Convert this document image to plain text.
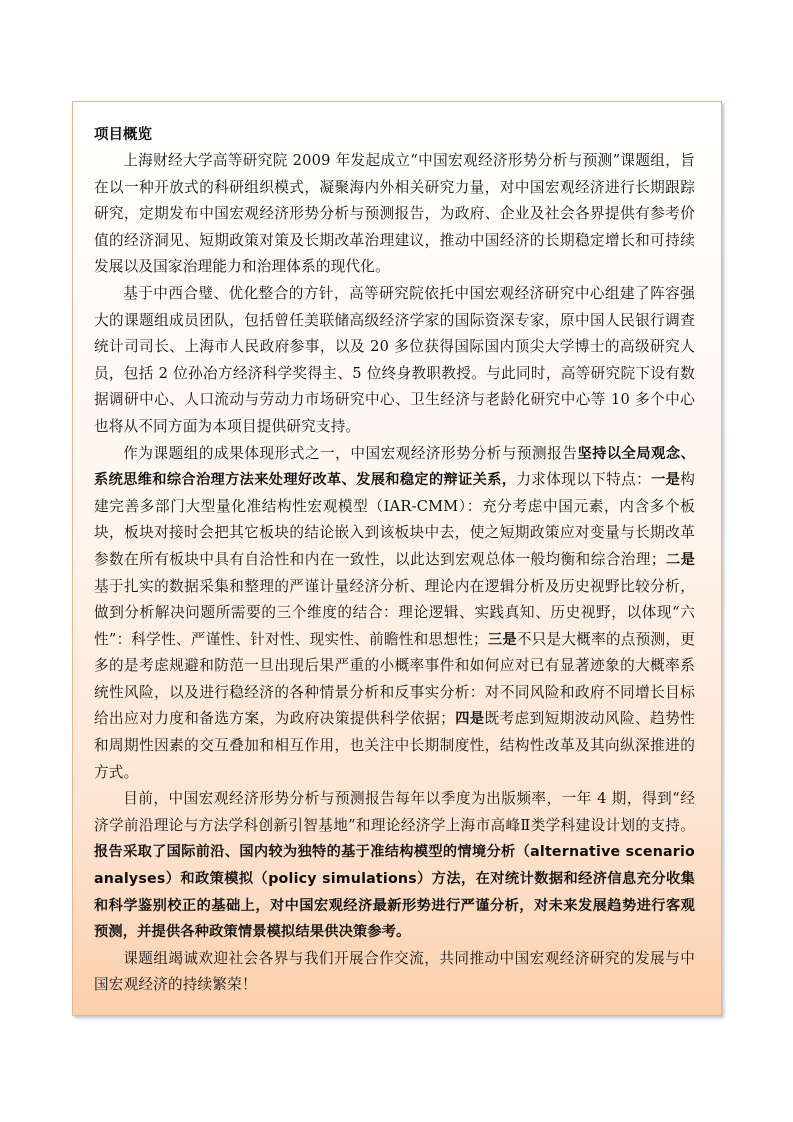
项目概览

上海财经大学高等研究院 2009 年发起成立“中国宏观经济形势分析与预测”课题组，旨在以一种开放式的科研组织模式，凝聚海内外相关研究力量，对中国宏观经济进行长期跟踪研究，定期发布中国宏观经济形势分析与预测报告，为政府、企业及社会各界提供有参考价值的经济洞见、短期政策对策及长期改革治理建议，推动中国经济的长期稳定增长和可持续发展以及国家治理能力和治理体系的现代化。

基于中西合璧、优化整合的方针，高等研究院依托中国宏观经济研究中心组建了阵容强大的课题组成员团队，包括曾任美联储高级经济学家的国际资深专家，原中国人民银行调查统计司司长、上海市人民政府参事，以及 20 多位获得国际国内顶尖大学博士的高级研究人员，包括 2 位孙冶方经济科学奖得主、5 位终身教职教授。与此同时，高等研究院下设有数据调研中心、人口流动与劳动力市场研究中心、卫生经济与老龄化研究中心等 10 多个中心也将从不同方面为本项目提供研究支持。

作为课题组的成果体现形式之一，中国宏观经济形势分析与预测报告坚持以全局观念、系统思维和综合治理方法来处理好改革、发展和稳定的辩证关系，力求体现以下特点：一是构建完善多部门大型量化准结构性宏观模型（IAR-CMM）：充分考虑中国元素，内含多个板块，板块对接时会把其它板块的结论嵌入到该板块中去，使之短期政策应对变量与长期改革参数在所有板块中具有自洽性和内在一致性，以此达到宏观总体一般均衡和综合治理；二是基于扎实的数据采集和整理的严谨计量经济分析、理论内在逻辑分析及历史视野比较分析，做到分析解决问题所需要的三个维度的结合：理论逻辑、实践真知、历史视野，以体现“六性”：科学性、严谨性、针对性、现实性、前瞻性和思想性；三是不只是大概率的点预测，更多的是考虑规避和防范一旦出现后果严重的小概率事件和如何应对已有显著迹象的大概率系统性风险，以及进行稳经济的各种情景分析和反事实分析：对不同风险和政府不同增长目标给出应对力度和备选方案，为政府决策提供科学依据；四是既考虑到短期波动风险、趋势性和周期性因素的交互叠加和相互作用，也关注中长期制度性，结构性改革及其向纵深推进的方式。

目前，中国宏观经济形势分析与预测报告每年以季度为出版频率，一年 4 期，得到“经济学前沿理论与方法学科创新引智基地”和理论经济学上海市高峰Ⅱ类学科建设计划的支持。报告采取了国际前沿、国内较为独特的基于准结构模型的情境分析（alternative scenario analyses）和政策模拟（policy simulations）方法，在对统计数据和经济信息充分收集和科学鉴别校正的基础上，对中国宏观经济最新形势进行严谨分析，对未来发展趋势进行客观预测，并提供各种政策情景模拟结果供决策参考。

课题组竭诚欢迎社会各界与我们开展合作交流，共同推动中国宏观经济研究的发展与中国宏观经济的持续繁荣！
